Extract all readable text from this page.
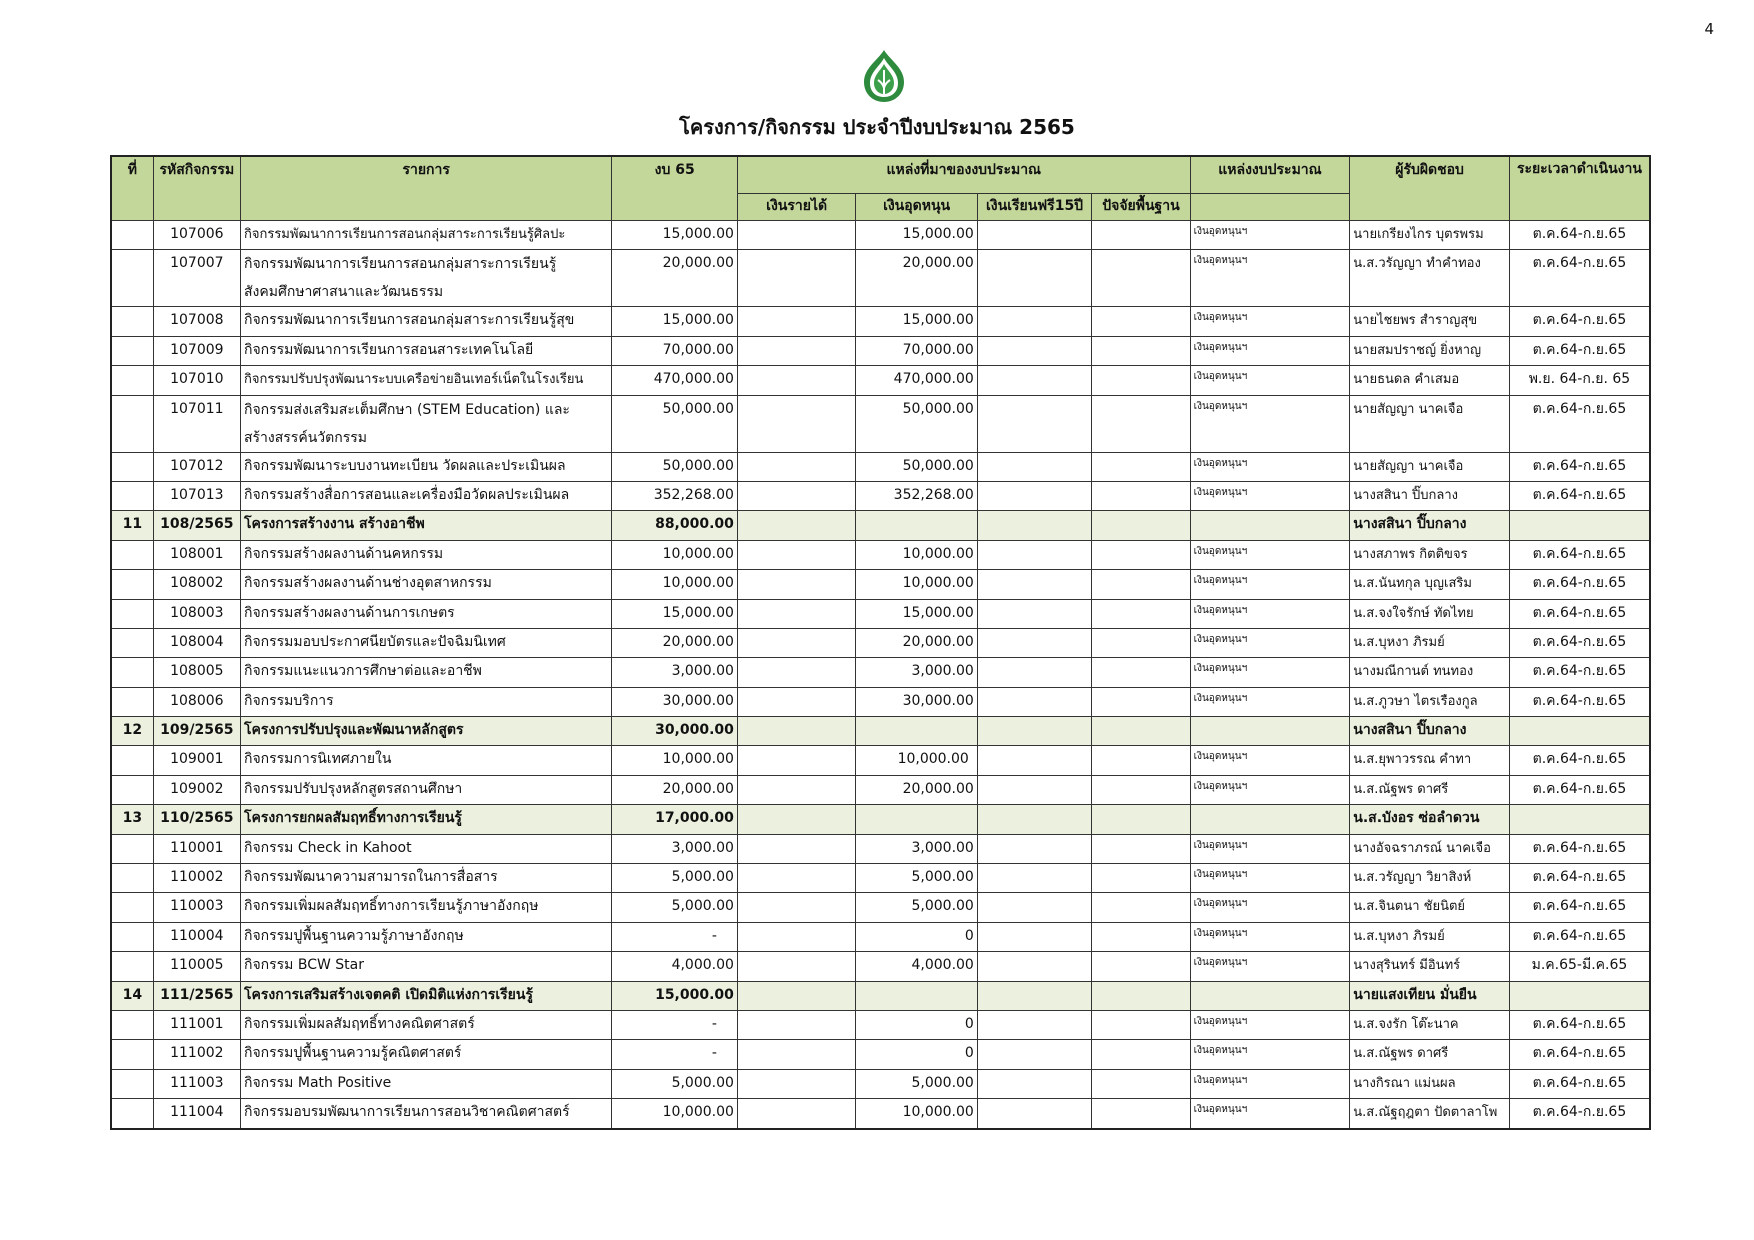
4
โครงการ/กิจกรรม ประจำปีงบประมาณ 2565
ที่	รหัสกิจกรรม	รายการ	งบ 65	แหล่งที่มาของงบประมาณ				แหล่งงบประมาณ	ผู้รับผิดชอบ	ระยะเวลาดำเนินงาน
				เงินรายได้	เงินอุดหนุน	เงินเรียนฟรี15ปี	ปัจจัยพื้นฐาน			
	107006	กิจกรรมพัฒนาการเรียนการสอนกลุ่มสาระการเรียนรู้ศิลปะ	15,000.00		15,000.00			เงินอุดหนุนฯ	นายเกรียงไกร บุตรพรม	ต.ค.64-ก.ย.65
	107007	กิจกรรมพัฒนาการเรียนการสอนกลุ่มสาระการเรียนรู้ สังคมศึกษาศาสนาและวัฒนธรรม	20,000.00		20,000.00			เงินอุดหนุนฯ	น.ส.วรัญญา ทำคำทอง	ต.ค.64-ก.ย.65
	107008	กิจกรรมพัฒนาการเรียนการสอนกลุ่มสาระการเรียนรู้สุข	15,000.00		15,000.00			เงินอุดหนุนฯ	นายไชยพร สำราญสุข	ต.ค.64-ก.ย.65
	107009	กิจกรรมพัฒนาการเรียนการสอนสาระเทคโนโลยี	70,000.00		70,000.00			เงินอุดหนุนฯ	นายสมปราชญ์ ยิ่งหาญ	ต.ค.64-ก.ย.65
	107010	กิจกรรมปรับปรุงพัฒนาระบบเครือข่ายอินเทอร์เน็ตในโรงเรียน	470,000.00		470,000.00			เงินอุดหนุนฯ	นายธนดล คำเสมอ	พ.ย. 64-ก.ย. 65
	107011	กิจกรรมส่งเสริมสะเต็มศึกษา (STEM Education) และ สร้างสรรค์นวัตกรรม	50,000.00		50,000.00			เงินอุดหนุนฯ	นายสัญญา นาคเจือ	ต.ค.64-ก.ย.65
	107012	กิจกรรมพัฒนาระบบงานทะเบียน วัดผลและประเมินผล	50,000.00		50,000.00			เงินอุดหนุนฯ	นายสัญญา นาคเจือ	ต.ค.64-ก.ย.65
	107013	กิจกรรมสร้างสื่อการสอนและเครื่องมือวัดผลประเมินผล	352,268.00		352,268.00			เงินอุดหนุนฯ	นางสสินา ปิ๊บกลาง	ต.ค.64-ก.ย.65
11	108/2565	โครงการสร้างงาน สร้างอาชีพ	88,000.00						นางสสินา ปิ๊บกลาง	
	108001	กิจกรรมสร้างผลงานด้านคหกรรม	10,000.00		10,000.00			เงินอุดหนุนฯ	นางสภาพร กิตติขจร	ต.ค.64-ก.ย.65
	108002	กิจกรรมสร้างผลงานด้านช่างอุตสาหกรรม	10,000.00		10,000.00			เงินอุดหนุนฯ	น.ส.นันทกุล บุญเสริม	ต.ค.64-ก.ย.65
	108003	กิจกรรมสร้างผลงานด้านการเกษตร	15,000.00		15,000.00			เงินอุดหนุนฯ	น.ส.จงใจรักษ์ ทัดไทย	ต.ค.64-ก.ย.65
	108004	กิจกรรมมอบประกาศนียบัตรและปัจฉิมนิเทศ	20,000.00		20,000.00			เงินอุดหนุนฯ	น.ส.บุหงา ภิรมย์	ต.ค.64-ก.ย.65
	108005	กิจกรรมแนะแนวการศึกษาต่อและอาชีพ	3,000.00		3,000.00			เงินอุดหนุนฯ	นางมณีกานต์ ทนทอง	ต.ค.64-ก.ย.65
	108006	กิจกรรมบริการ	30,000.00		30,000.00			เงินอุดหนุนฯ	น.ส.ภูวษา ไตรเรืองกูล	ต.ค.64-ก.ย.65
12	109/2565	โครงการปรับปรุงและพัฒนาหลักสูตร	30,000.00						นางสสินา ปิ๊บกลาง	
	109001	กิจกรรมการนิเทศภายใน	10,000.00		10,000.00			เงินอุดหนุนฯ	น.ส.ยุพาวรรณ คำทา	ต.ค.64-ก.ย.65
	109002	กิจกรรมปรับปรุงหลักสูตรสถานศึกษา	20,000.00		20,000.00			เงินอุดหนุนฯ	น.ส.ณัฐพร ดาศรี	ต.ค.64-ก.ย.65
13	110/2565	โครงการยกผลสัมฤทธิ์ทางการเรียนรู้	17,000.00						น.ส.บังอร ซ่อลำดวน	
	110001	กิจกรรม Check in Kahoot	3,000.00		3,000.00			เงินอุดหนุนฯ	นางอัจฉราภรณ์ นาคเจือ	ต.ค.64-ก.ย.65
	110002	กิจกรรมพัฒนาความสามารถในการสื่อสาร	5,000.00		5,000.00			เงินอุดหนุนฯ	น.ส.วรัญญา วิยาสิงห์	ต.ค.64-ก.ย.65
	110003	กิจกรรมเพิ่มผลสัมฤทธิ์ทางการเรียนรู้ภาษาอังกฤษ	5,000.00		5,000.00			เงินอุดหนุนฯ	น.ส.จินตนา ชัยนิตย์	ต.ค.64-ก.ย.65
	110004	กิจกรรมปูพื้นฐานความรู้ภาษาอังกฤษ	-		0			เงินอุดหนุนฯ	น.ส.บุหงา ภิรมย์	ต.ค.64-ก.ย.65
	110005	กิจกรรม BCW Star	4,000.00		4,000.00			เงินอุดหนุนฯ	นางสุรินทร์ มีอินทร์	ม.ค.65-มี.ค.65
14	111/2565	โครงการเสริมสร้างเจตคติ เปิดมิติแห่งการเรียนรู้	15,000.00						นายแสงเทียน มั่นยืน	
	111001	กิจกรรมเพิ่มผลสัมฤทธิ์ทางคณิตศาสตร์	-		0			เงินอุดหนุนฯ	น.ส.จงรัก โต๊ะนาค	ต.ค.64-ก.ย.65
	111002	กิจกรรมปูพื้นฐานความรู้คณิตศาสตร์	-		0			เงินอุดหนุนฯ	น.ส.ณัฐพร ดาศรี	ต.ค.64-ก.ย.65
	111003	กิจกรรม Math Positive	5,000.00		5,000.00			เงินอุดหนุนฯ	นางกิรณา แม่นผล	ต.ค.64-ก.ย.65
	111004	กิจกรรมอบรมพัฒนาการเรียนการสอนวิชาคณิตศาสตร์	10,000.00		10,000.00			เงินอุดหนุนฯ	น.ส.ณัฐฤฎตา ปัดตาลาโพ	ต.ค.64-ก.ย.65
